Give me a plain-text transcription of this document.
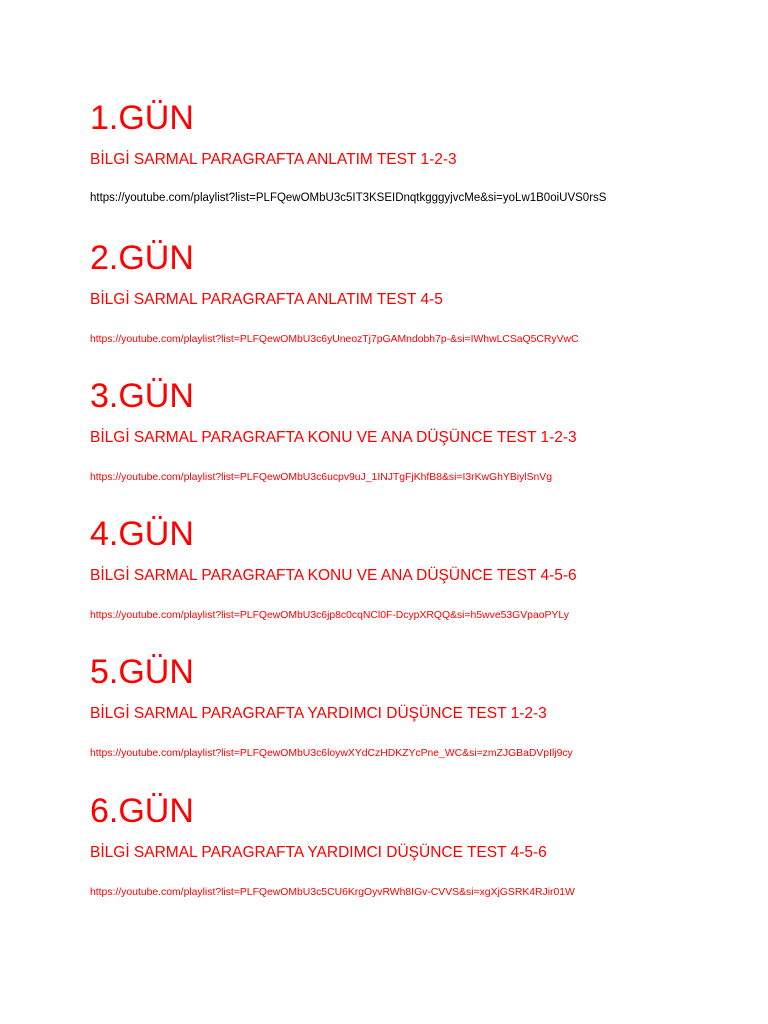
1.GÜN

BİLGİ SARMAL PARAGRAFTA ANLATIM TEST 1-2-3

https://youtube.com/playlist?list=PLFQewOMbU3c5IT3KSEIDnqtkgggyjvcMe&si=yoLw1B0oiUVS0rsS
2.GÜN

BİLGİ SARMAL PARAGRAFTA ANLATIM TEST 4-5

https://youtube.com/playlist?list=PLFQewOMbU3c6yUneozTj7pGAMndobh7p-&si=IWhwLCSaQ5CRyVwC
3.GÜN

BİLGİ SARMAL PARAGRAFTA KONU VE ANA DÜŞÜNCE TEST 1-2-3

https://youtube.com/playlist?list=PLFQewOMbU3c6ucpv9uJ_1INJTgFjKhfB8&si=I3rKwGhYBiylSnVg
4.GÜN

BİLGİ SARMAL PARAGRAFTA KONU VE ANA DÜŞÜNCE TEST 4-5-6

https://youtube.com/playlist?list=PLFQewOMbU3c6jp8c0cqNCl0F-DcypXRQQ&si=h5wve53GVpaoPYLy
5.GÜN

BİLGİ SARMAL PARAGRAFTA YARDIMCI DÜŞÜNCE TEST 1-2-3

https://youtube.com/playlist?list=PLFQewOMbU3c6loywXYdCzHDKZYcPne_WC&si=zmZJGBaDVpIlj9cy
6.GÜN

BİLGİ SARMAL PARAGRAFTA YARDIMCI DÜŞÜNCE TEST 4-5-6

https://youtube.com/playlist?list=PLFQewOMbU3c5CU6KrgOyvRWh8IGv-CVVS&si=xgXjGSRK4RJir01W
